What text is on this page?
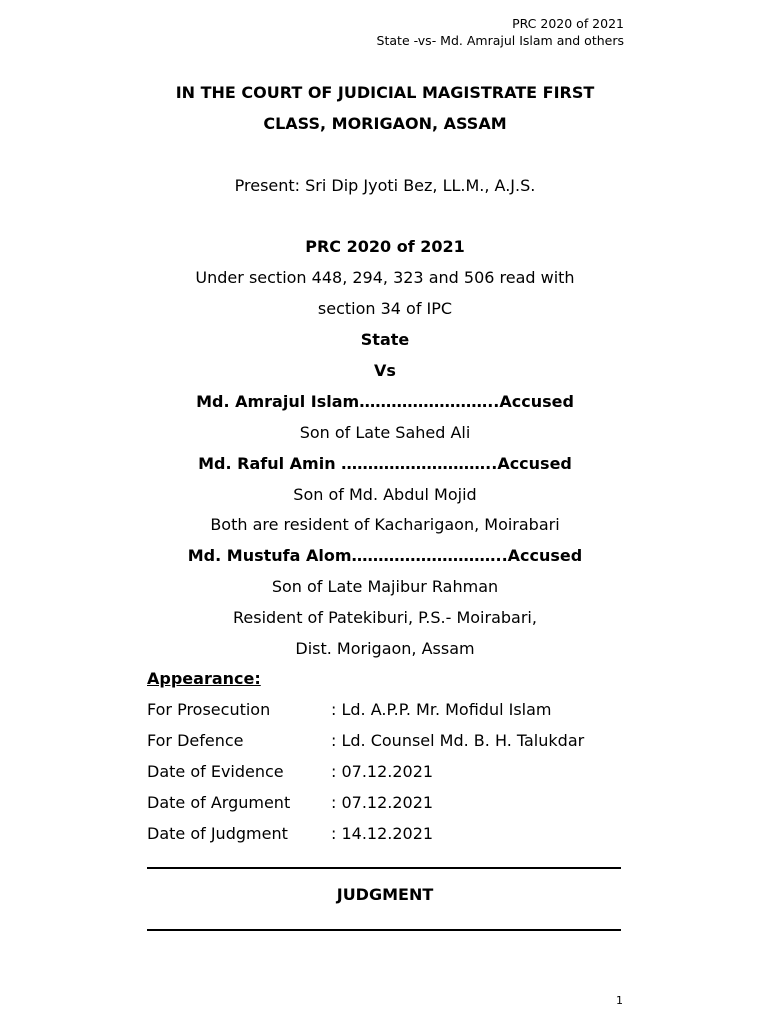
PRC 2020 of 2021
State -vs- Md. Amrajul Islam and others
IN THE COURT OF JUDICIAL MAGISTRATE FIRST
CLASS, MORIGAON, ASSAM
Present: Sri Dip Jyoti Bez, LL.M., A.J.S.
PRC 2020 of 2021
Under section 448, 294, 323 and 506 read with
section 34 of IPC
State
Vs
Md. Amrajul Islam……………………..Accused
Son of Late Sahed Ali
Md. Raful Amin ………………………..Accused
Son of Md. Abdul Mojid
Both are resident of Kacharigaon, Moirabari
Md. Mustufa Alom………………………..Accused
Son of Late Majibur Rahman
Resident of Patekiburi, P.S.- Moirabari,
Dist. Morigaon, Assam
Appearance:
For Prosecution	: Ld. A.P.P. Mr. Mofidul Islam
For Defence	: Ld. Counsel Md. B. H. Talukdar
Date of Evidence	: 07.12.2021
Date of Argument	: 07.12.2021
Date of Judgment	: 14.12.2021
JUDGMENT
1
